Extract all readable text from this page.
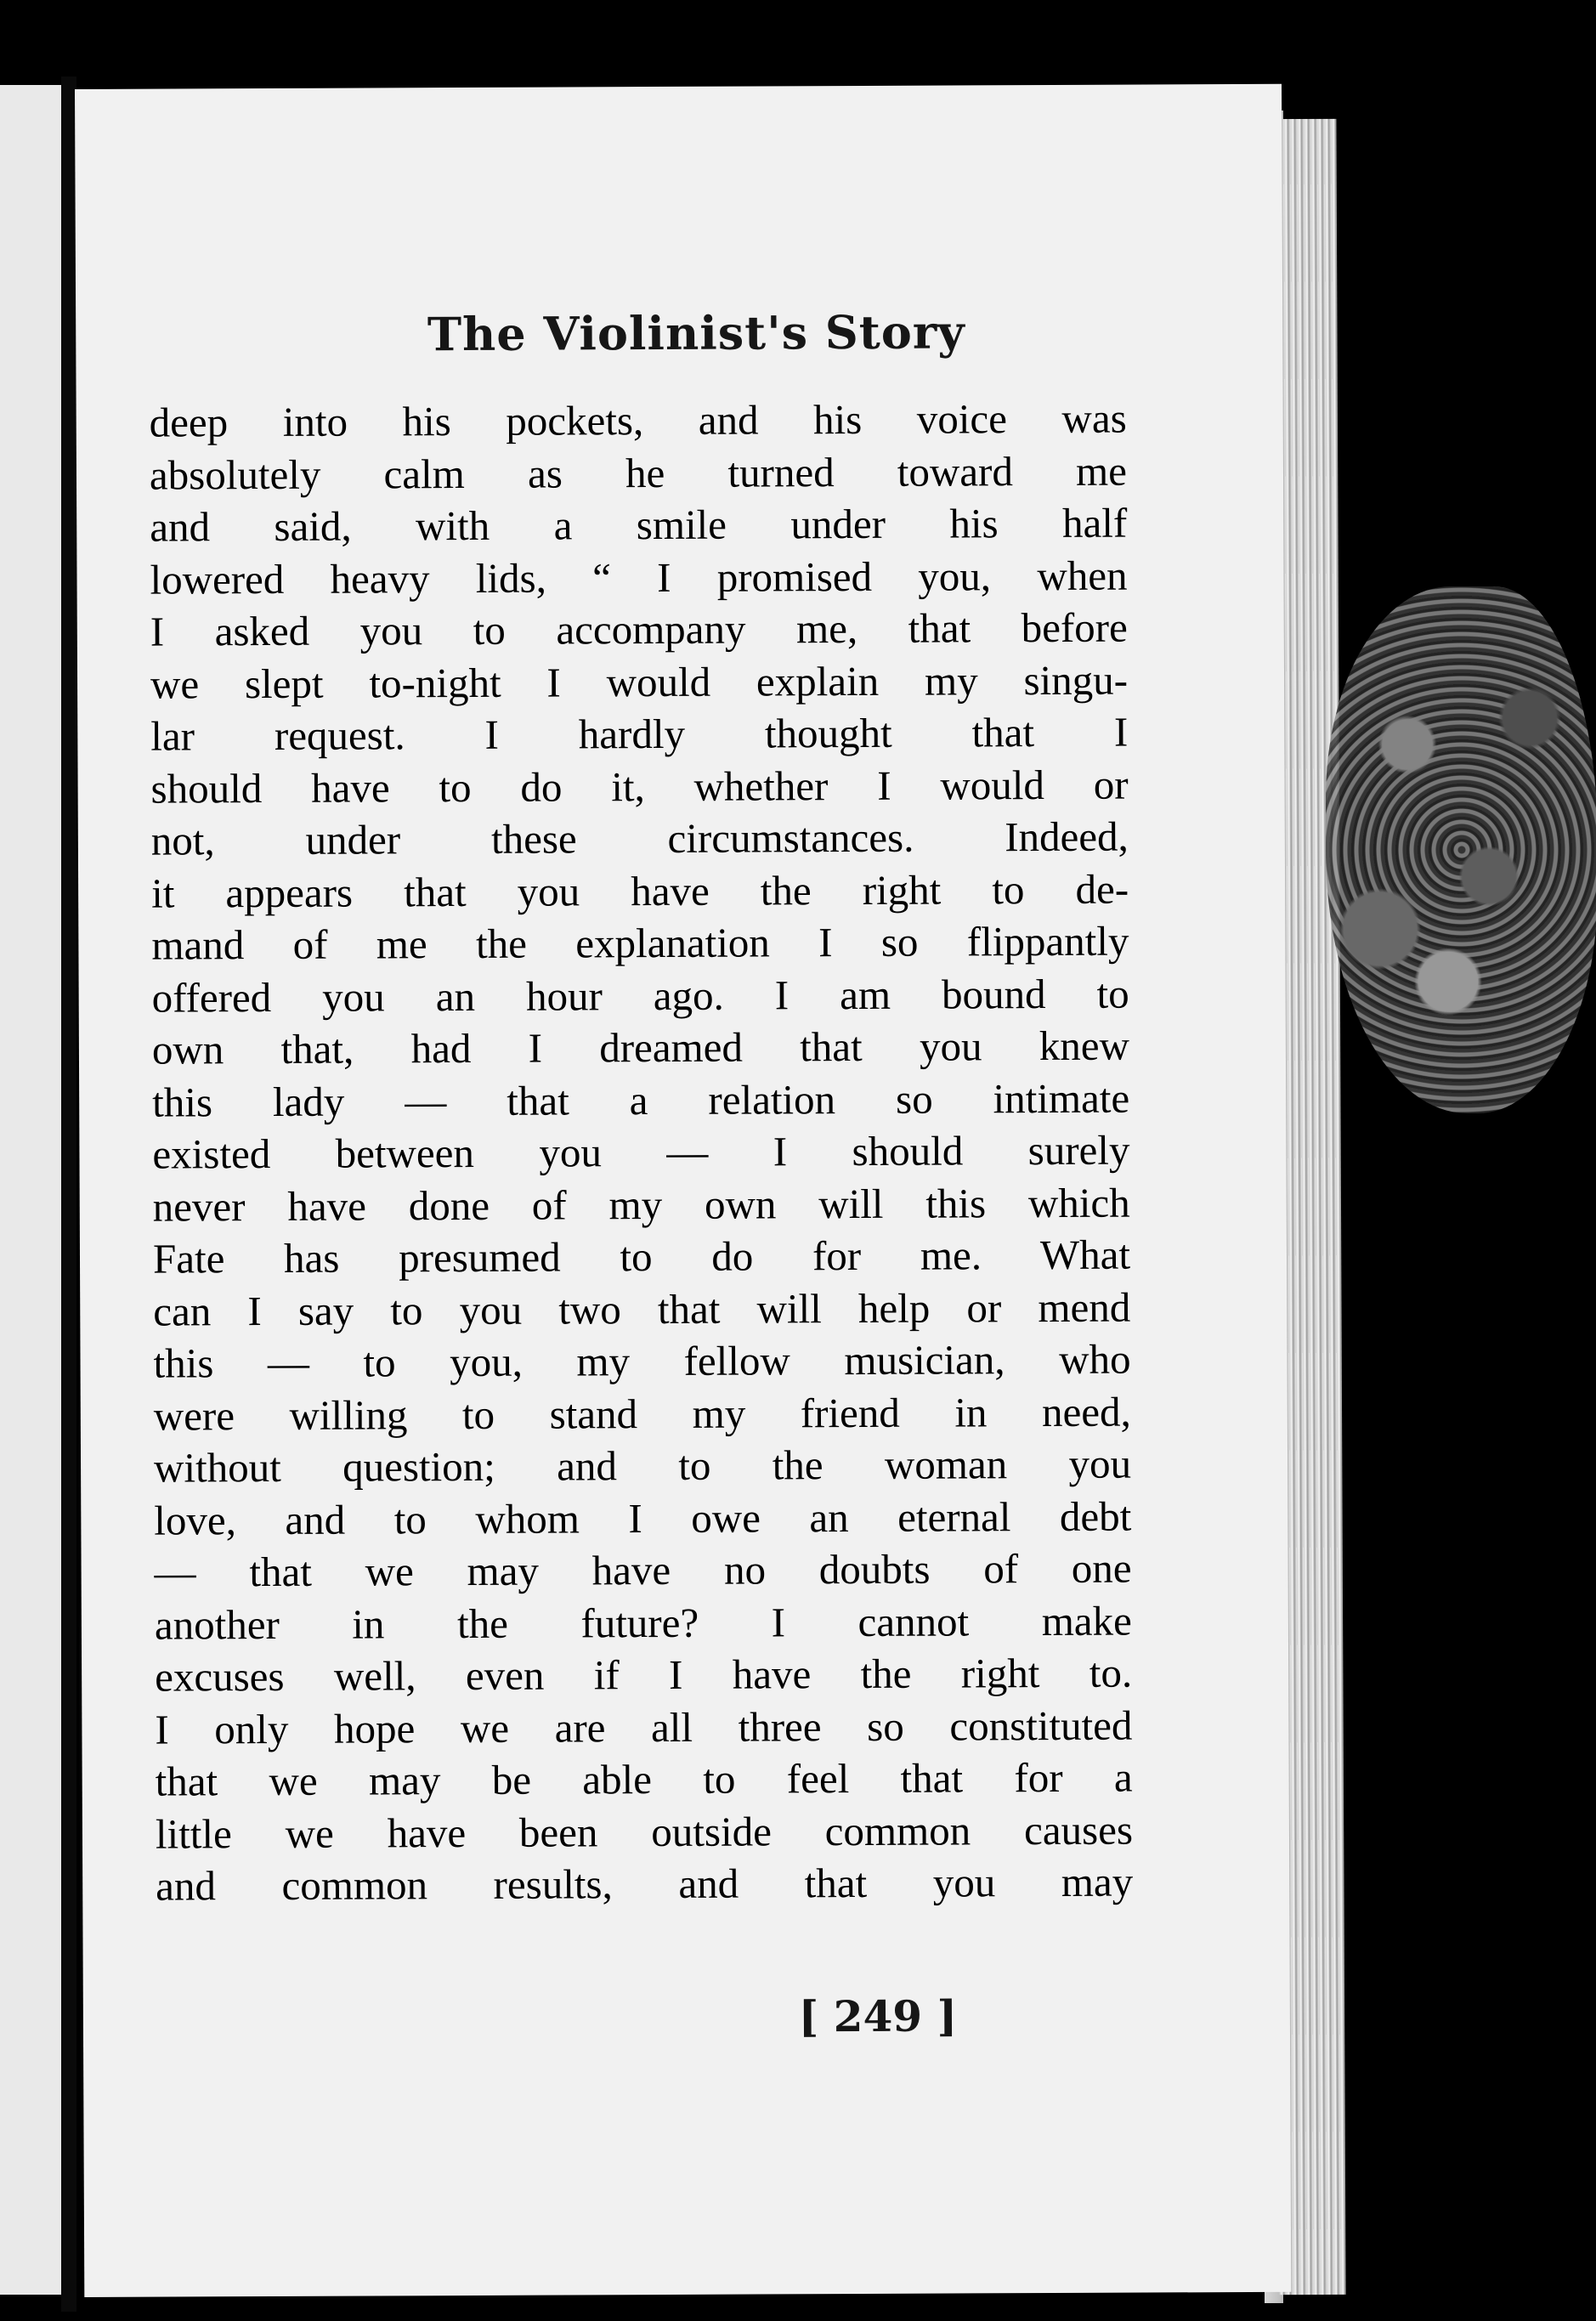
The Violinist's Story
deep into his pockets, and his voice was
absolutely calm as he turned toward me
and said, with a smile under his half
lowered heavy lids, “ I promised you, when
I asked you to accompany me, that before
we slept to-night I would explain my singu-
lar request. I hardly thought that I
should have to do it, whether I would or
not, under these circumstances. Indeed,
it appears that you have the right to de-
mand of me the explanation I so flippantly
offered you an hour ago. I am bound to
own that, had I dreamed that you knew
this lady — that a relation so intimate
existed between you — I should surely
never have done of my own will this which
Fate has presumed to do for me. What
can I say to you two that will help or mend
this — to you, my fellow musician, who
were willing to stand my friend in need,
without question; and to the woman you
love, and to whom I owe an eternal debt
— that we may have no doubts of one
another in the future? I cannot make
excuses well, even if I have the right to.
I only hope we are all three so constituted
that we may be able to feel that for a
little we have been outside common causes
and common results, and that you may
[ 249 ]
